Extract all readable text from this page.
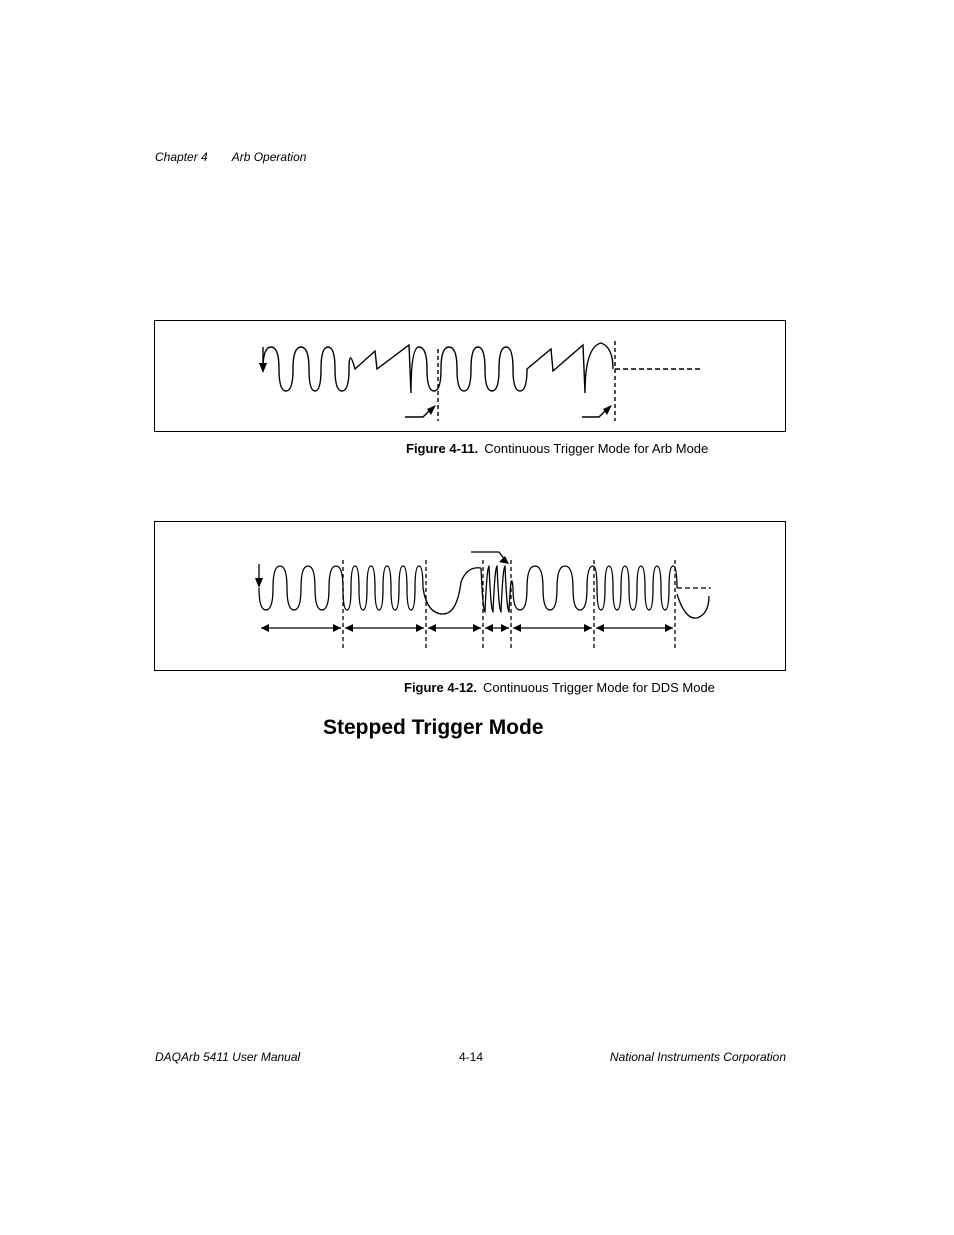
Chapter 4 Arb Operation
Figure 4-11. Continuous Trigger Mode for Arb Mode
Figure 4-12. Continuous Trigger Mode for DDS Mode
Stepped Trigger Mode
DAQArb 5411 User Manual	4-14	National Instruments Corporation
